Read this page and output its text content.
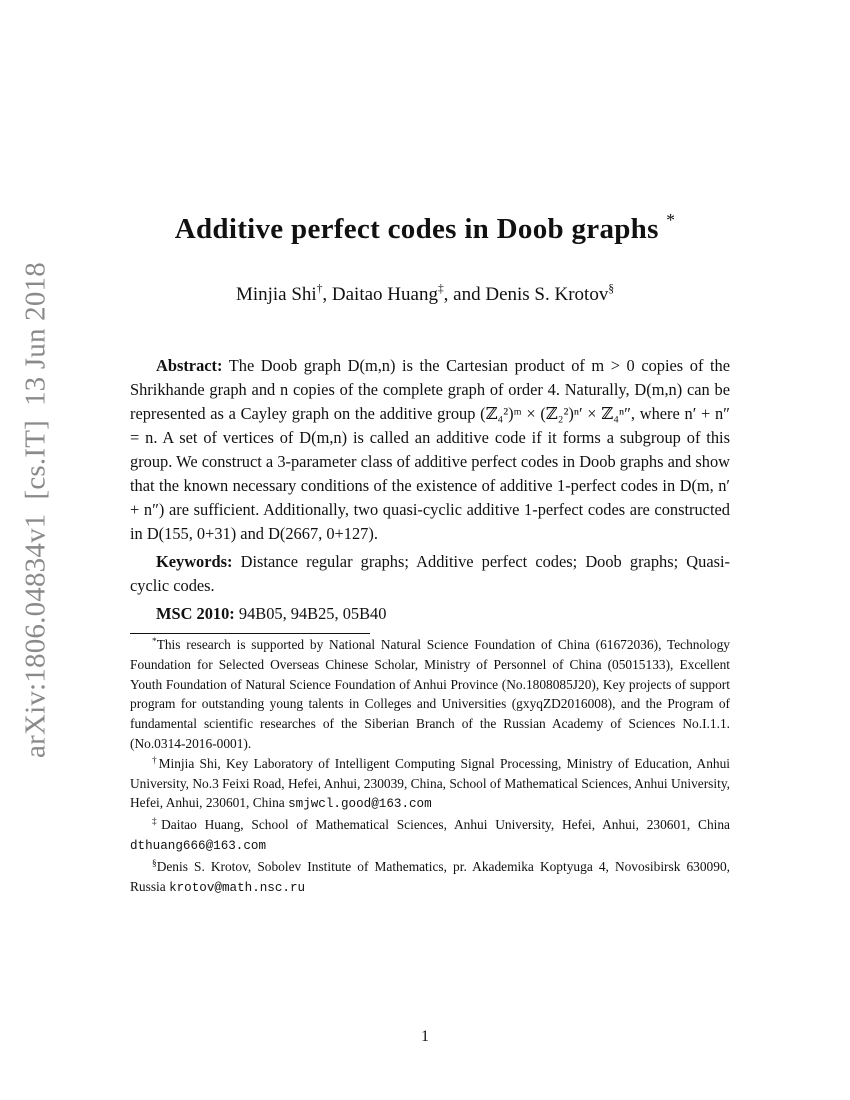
arXiv:1806.04834v1[cs.IT]13 Jun 2018
Additive perfect codes in Doob graphs *
Minjia Shi†, Daitao Huang‡, and Denis S. Krotov§
Abstract: The Doob graph D(m,n) is the Cartesian product of m > 0 copies of the Shrikhande graph and n copies of the complete graph of order 4. Naturally, D(m,n) can be represented as a Cayley graph on the additive group (ℤ₄²)ᵐ × (ℤ₂²)ⁿ′ × ℤ₄ⁿ″, where n′ + n″ = n. A set of vertices of D(m,n) is called an additive code if it forms a subgroup of this group. We construct a 3-parameter class of additive perfect codes in Doob graphs and show that the known necessary conditions of the existence of additive 1-perfect codes in D(m, n′ + n″) are sufficient. Additionally, two quasi-cyclic additive 1-perfect codes are constructed in D(155, 0+31) and D(2667, 0+127).
Keywords: Distance regular graphs; Additive perfect codes; Doob graphs; Quasi-cyclic codes.
MSC 2010: 94B05, 94B25, 05B40

*This research is supported by National Natural Science Foundation of China (61672036), Technology Foundation for Selected Overseas Chinese Scholar, Ministry of Personnel of China (05015133), Excellent Youth Foundation of Natural Science Foundation of Anhui Province (No.1808085J20), Key projects of support program for outstanding young talents in Colleges and Universities (gxyqZD2016008), and the Program of fundamental scientific researches of the Siberian Branch of the Russian Academy of Sciences No.I.1.1. (No.0314-2016-0001).

†Minjia Shi, Key Laboratory of Intelligent Computing Signal Processing, Ministry of Education, Anhui University, No.3 Feixi Road, Hefei, Anhui, 230039, China, School of Mathematical Sciences, Anhui University, Hefei, Anhui, 230601, China smjwcl.good@163.com

‡Daitao Huang, School of Mathematical Sciences, Anhui University, Hefei, Anhui, 230601, China dthuang666@163.com

§Denis S. Krotov, Sobolev Institute of Mathematics, pr. Akademika Koptyuga 4, Novosibirsk 630090, Russia krotov@math.nsc.ru

1
